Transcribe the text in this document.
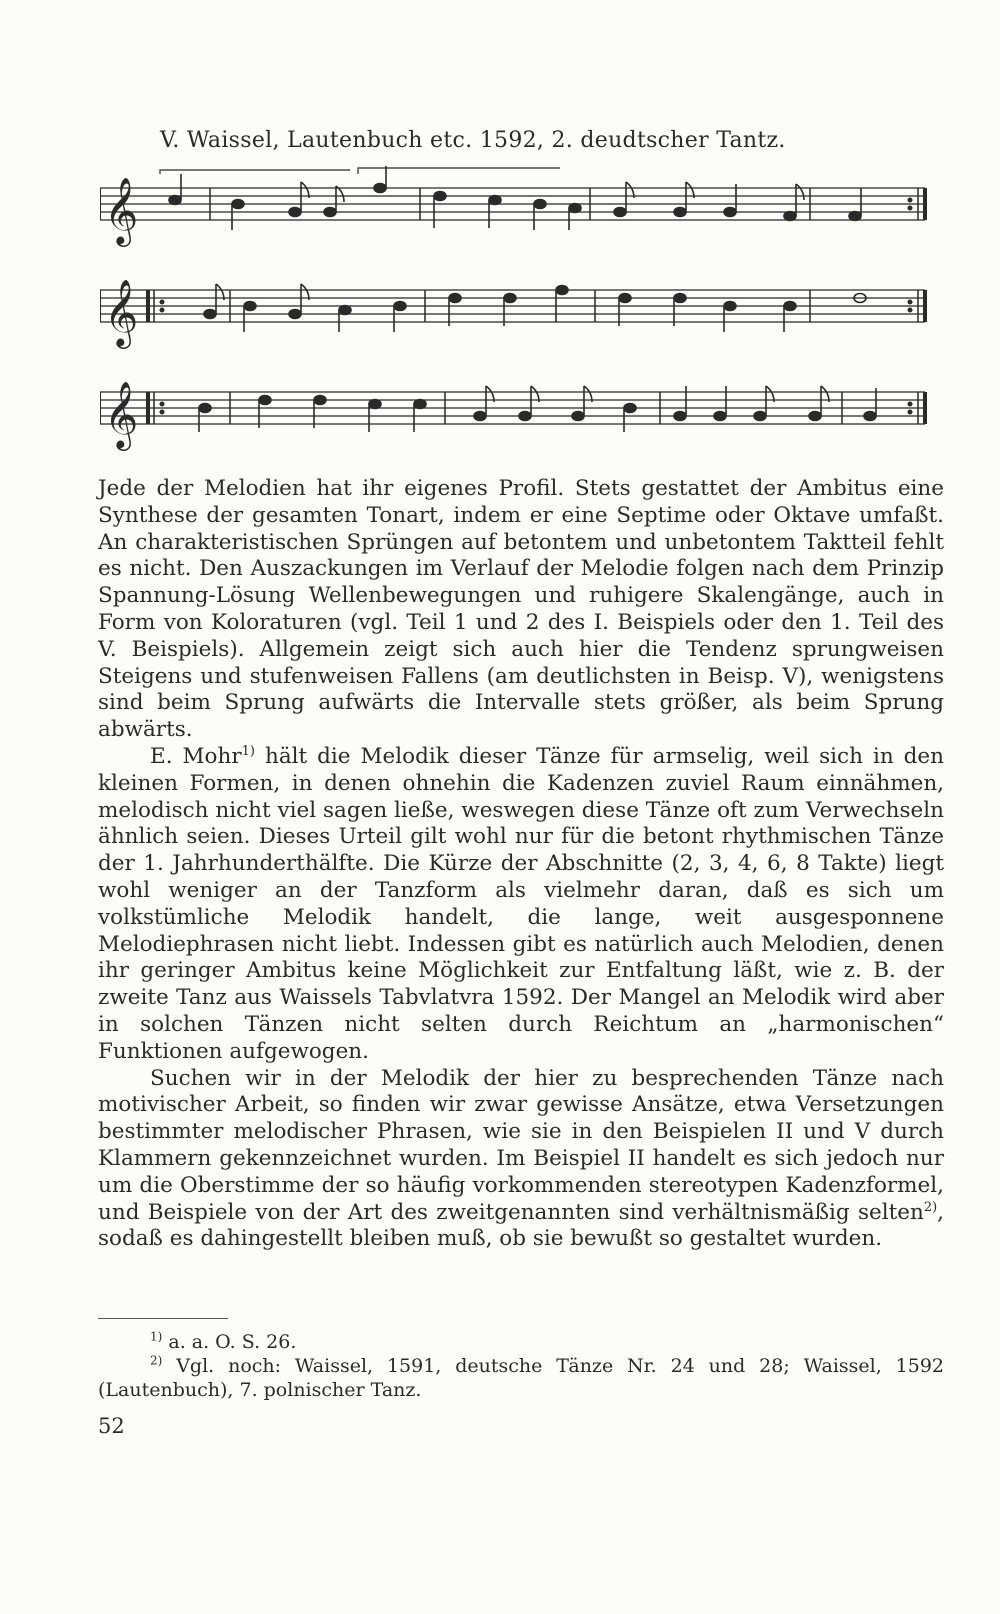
V. Waissel, Lautenbuch etc. 1592, 2. deudtscher Tantz.
𝄞
𝄞
𝄞

Jede der Melodien hat ihr eigenes Profil. Stets gestattet der Ambitus eine Synthese der gesamten Tonart, indem er eine Septime oder Oktave umfaßt. An charakteristischen Sprüngen auf betontem und unbetontem Taktteil fehlt es nicht. Den Auszackungen im Verlauf der Melodie folgen nach dem Prinzip Spannung-Lösung Wellenbewegungen und ruhigere Skalengänge, auch in Form von Koloraturen (vgl. Teil 1 und 2 des I. Beispiels oder den 1. Teil des V. Beispiels). Allgemein zeigt sich auch hier die Tendenz sprungweisen Steigens und stufenweisen Fallens (am deutlichsten in Beisp. V), wenigstens sind beim Sprung aufwärts die Intervalle stets größer, als beim Sprung abwärts.

E. Mohr$^{1)}$ hält die Melodik dieser Tänze für armselig, weil sich in den kleinen Formen, in denen ohnehin die Kadenzen zuviel Raum einnähmen, melodisch nicht viel sagen ließe, weswegen diese Tänze oft zum Verwechseln ähnlich seien. Dieses Urteil gilt wohl nur für die betont rhythmischen Tänze der 1. Jahrhunderthälfte. Die Kürze der Abschnitte (2, 3, 4, 6, 8 Takte) liegt wohl weniger an der Tanzform als vielmehr daran, daß es sich um volkstümliche Melodik handelt, die lange, weit ausgesponnene Melodiephrasen nicht liebt. Indessen gibt es natürlich auch Melodien, denen ihr geringer Ambitus keine Möglichkeit zur Entfaltung läßt, wie z. B. der zweite Tanz aus Waissels Tabvlatvra 1592. Der Mangel an Melodik wird aber in solchen Tänzen nicht selten durch Reichtum an „harmonischen“ Funktionen aufgewogen.

Suchen wir in der Melodik der hier zu besprechenden Tänze nach motivischer Arbeit, so finden wir zwar gewisse Ansätze, etwa Versetzungen bestimmter melodischer Phrasen, wie sie in den Beispielen II und V durch Klammern gekennzeichnet wurden. Im Beispiel II handelt es sich jedoch nur um die Oberstimme der so häufig vorkommenden stereotypen Kadenzformel, und Beispiele von der Art des zweitgenannten sind verhältnismäßig selten$^{2)}$, sodaß es dahingestellt bleiben muß, ob sie bewußt so gestaltet wurden.

$^{1)}$ a. a. O. S. 26.

$^{2)}$ Vgl. noch: Waissel, 1591, deutsche Tänze Nr. 24 und 28; Waissel, 1592 (Lautenbuch), 7. polnischer Tanz.

52
